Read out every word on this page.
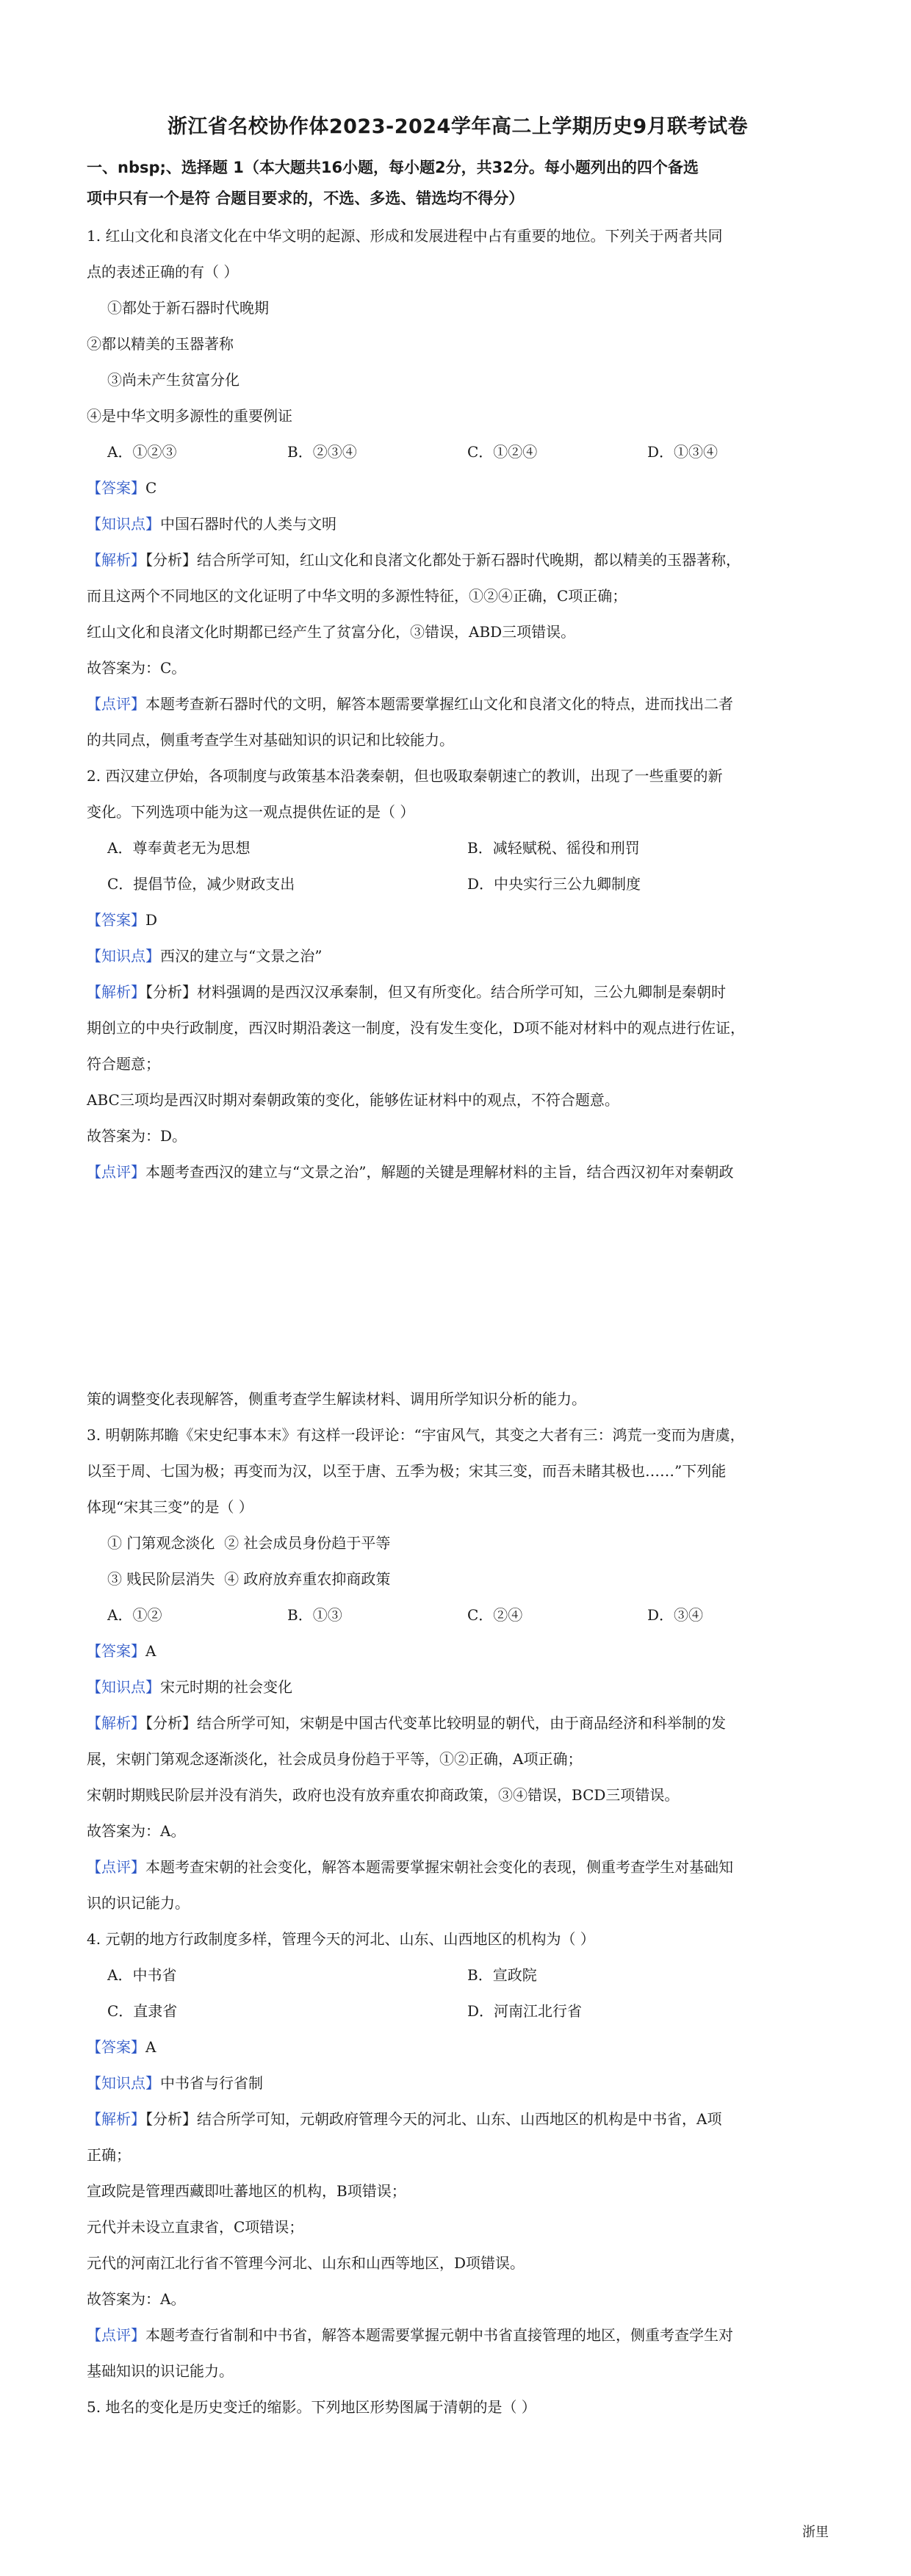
浙江省名校协作体2023-2024学年高二上学期历史9月联考试卷
一、nbsp;、选择题 1（本大题共16小题，每小题2分，共32分。每小题列出的四个备选
项中只有一个是符 合题目要求的，不选、多选、错选均不得分）
1. 红山文化和良渚文化在中华文明的起源、形成和发展进程中占有重要的地位。下列关于两者共同
点的表述正确的有（ ）
①都处于新石器时代晚期
②都以精美的玉器著称
③尚未产生贫富分化
④是中华文明多源性的重要例证
A．①②③	B．②③④	C．①②④	D．①③④
【答案】C
【知识点】中国石器时代的人类与文明
【解析】【分析】结合所学可知，红山文化和良渚文化都处于新石器时代晚期，都以精美的玉器著称，
而且这两个不同地区的文化证明了中华文明的多源性特征，①②④正确，C项正确；
红山文化和良渚文化时期都已经产生了贫富分化，③错误，ABD三项错误。
故答案为：C。
【点评】本题考查新石器时代的文明，解答本题需要掌握红山文化和良渚文化的特点，进而找出二者
的共同点，侧重考查学生对基础知识的识记和比较能力。
2. 西汉建立伊始，各项制度与政策基本沿袭秦朝，但也吸取秦朝速亡的教训，出现了一些重要的新
变化。下列选项中能为这一观点提供佐证的是（ ）
A．尊奉黄老无为思想	B．减轻赋税、徭役和刑罚
C．提倡节俭，减少财政支出	D．中央实行三公九卿制度
【答案】D
【知识点】西汉的建立与“文景之治”
【解析】【分析】材料强调的是西汉汉承秦制，但又有所变化。结合所学可知，三公九卿制是秦朝时
期创立的中央行政制度，西汉时期沿袭这一制度，没有发生变化，D项不能对材料中的观点进行佐证，
符合题意；
ABC三项均是西汉时期对秦朝政策的变化，能够佐证材料中的观点，不符合题意。
故答案为：D。
【点评】本题考查西汉的建立与“文景之治”，解题的关键是理解材料的主旨，结合西汉初年对秦朝政
策的调整变化表现解答，侧重考查学生解读材料、调用所学知识分析的能力。
3. 明朝陈邦瞻《宋史纪事本末》有这样一段评论：“宇宙风气，其变之大者有三：鸿荒一变而为唐虞，
以至于周、七国为极；再变而为汉，以至于唐、五季为极；宋其三变，而吾未睹其极也……”下列能
体现“宋其三变”的是（ ）
① 门第观念淡化 ② 社会成员身份趋于平等
③ 贱民阶层消失 ④ 政府放弃重农抑商政策
A．①②	B．①③	C．②④	D．③④
【答案】A
【知识点】宋元时期的社会变化
【解析】【分析】结合所学可知，宋朝是中国古代变革比较明显的朝代，由于商品经济和科举制的发
展，宋朝门第观念逐渐淡化，社会成员身份趋于平等，①②正确，A项正确；
宋朝时期贱民阶层并没有消失，政府也没有放弃重农抑商政策，③④错误，BCD三项错误。
故答案为：A。
【点评】本题考查宋朝的社会变化，解答本题需要掌握宋朝社会变化的表现，侧重考查学生对基础知
识的识记能力。
4. 元朝的地方行政制度多样，管理今天的河北、山东、山西地区的机构为（ ）
A．中书省	B．宣政院
C．直隶省	D．河南江北行省
【答案】A
【知识点】中书省与行省制
【解析】【分析】结合所学可知，元朝政府管理今天的河北、山东、山西地区的机构是中书省，A项
正确；
宣政院是管理西藏即吐蕃地区的机构，B项错误；
元代并未设立直隶省，C项错误；
元代的河南江北行省不管理今河北、山东和山西等地区，D项错误。
故答案为：A。
【点评】本题考查行省制和中书省，解答本题需要掌握元朝中书省直接管理的地区，侧重考查学生对
基础知识的识记能力。
5. 地名的变化是历史变迁的缩影。下列地区形势图属于清朝的是（ ）
浙里
